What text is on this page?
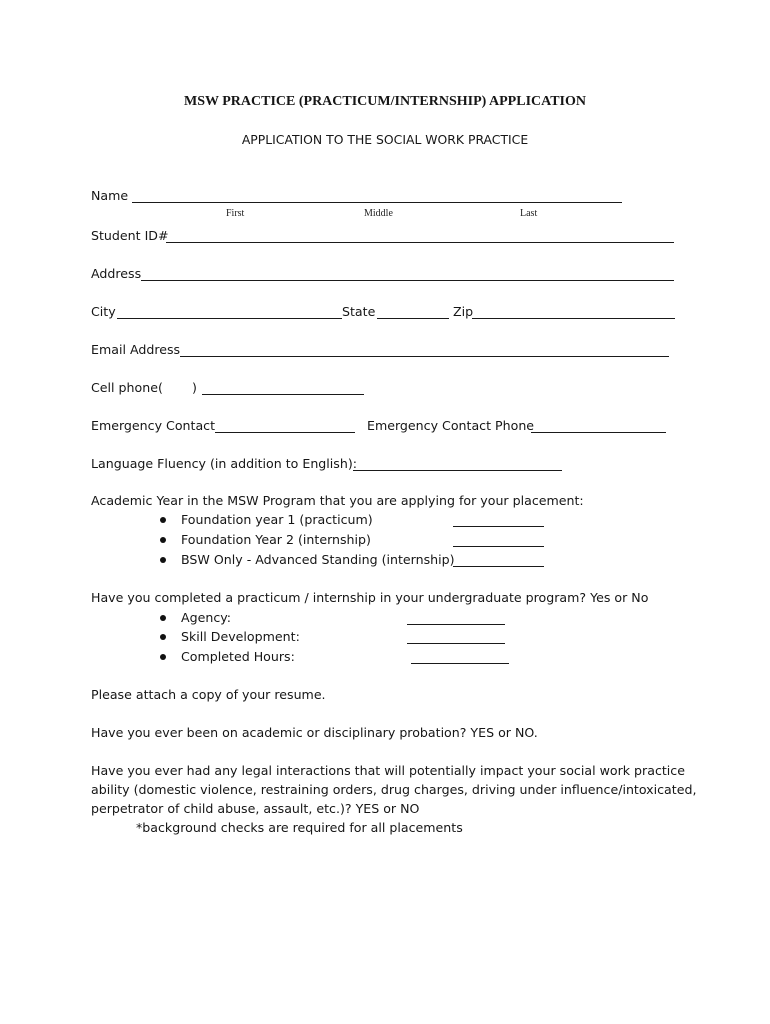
MSW PRACTICE (PRACTICUM/INTERNSHIP) APPLICATION
APPLICATION TO THE SOCIAL WORK PRACTICE
Name
First	Middle	Last
Student ID#
Address
City	State	Zip
Email Address
Cell phone( )
Emergency Contact	Emergency Contact Phone
Language Fluency (in addition to English):
Academic Year in the MSW Program that you are applying for your placement:
Foundation year 1 (practicum)
Foundation Year 2 (internship)
BSW Only - Advanced Standing (internship)
Have you completed a practicum / internship in your undergraduate program? Yes or No
Agency:
Skill Development:
Completed Hours:
Please attach a copy of your resume.
Have you ever been on academic or disciplinary probation? YES or NO.
Have you ever had any legal interactions that will potentially impact your social work practice
ability (domestic violence, restraining orders, drug charges, driving under influence/intoxicated,
perpetrator of child abuse, assault, etc.)? YES or NO
*background checks are required for all placements
